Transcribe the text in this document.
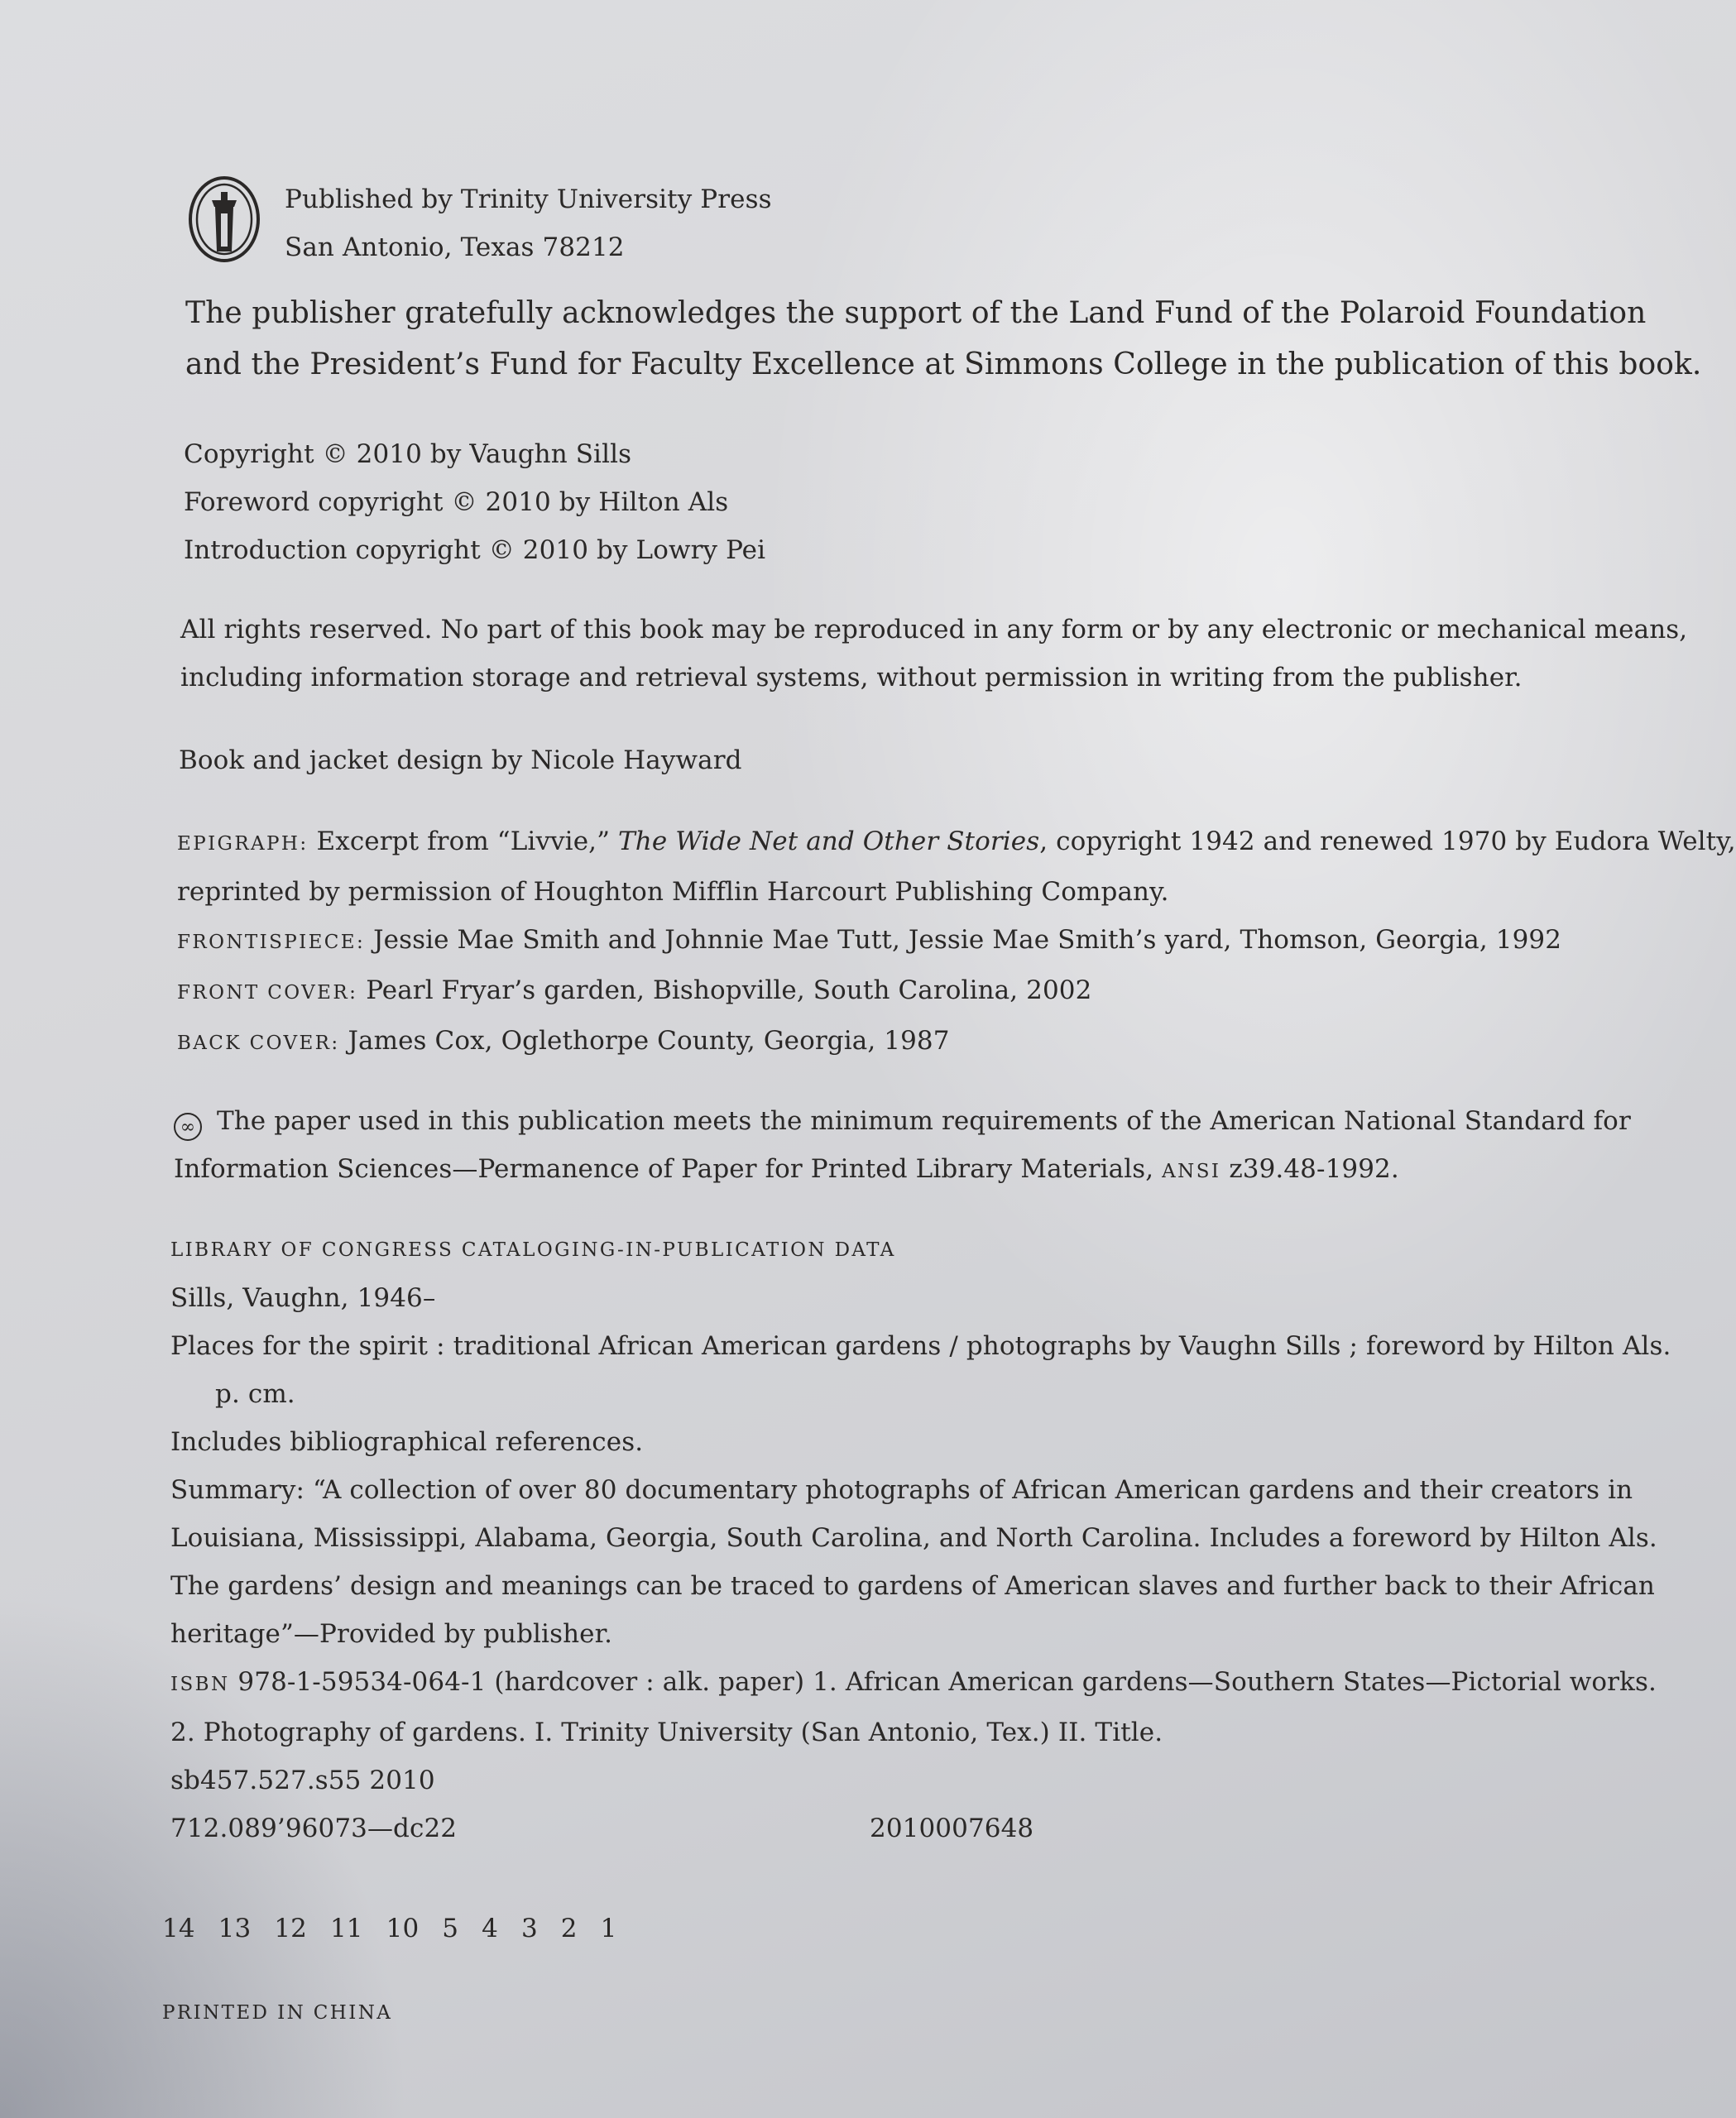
Published by Trinity University Press
San Antonio, Texas 78212
The publisher gratefully acknowledges the support of the Land Fund of the Polaroid Foundation
and the President’s Fund for Faculty Excellence at Simmons College in the publication of this book.
Copyright © 2010 by Vaughn Sills
Foreword copyright © 2010 by Hilton Als
Introduction copyright © 2010 by Lowry Pei
All rights reserved. No part of this book may be reproduced in any form or by any electronic or mechanical means,
including information storage and retrieval systems, without permission in writing from the publisher.
Book and jacket design by Nicole Hayward
EPIGRAPH: Excerpt from “Livvie,” The Wide Net and Other Stories, copyright 1942 and renewed 1970 by Eudora Welty,
reprinted by permission of Houghton Mifflin Harcourt Publishing Company.
FRONTISPIECE: Jessie Mae Smith and Johnnie Mae Tutt, Jessie Mae Smith’s yard, Thomson, Georgia, 1992
FRONT COVER: Pearl Fryar’s garden, Bishopville, South Carolina, 2002
BACK COVER: James Cox, Oglethorpe County, Georgia, 1987
∞ The paper used in this publication meets the minimum requirements of the American National Standard for
Information Sciences—Permanence of Paper for Printed Library Materials, ANSI z39.48-1992.
LIBRARY OF CONGRESS CATALOGING-IN-PUBLICATION DATA
Sills, Vaughn, 1946–
Places for the spirit : traditional African American gardens / photographs by Vaughn Sills ; foreword by Hilton Als.
p. cm.
Includes bibliographical references.
Summary: “A collection of over 80 documentary photographs of African American gardens and their creators in
Louisiana, Mississippi, Alabama, Georgia, South Carolina, and North Carolina. Includes a foreword by Hilton Als.
The gardens’ design and meanings can be traced to gardens of American slaves and further back to their African
heritage”—Provided by publisher.
ISBN 978-1-59534-064-1 (hardcover : alk. paper) 1. African American gardens—Southern States—Pictorial works.
2. Photography of gardens. I. Trinity University (San Antonio, Tex.) II. Title.
sb457.527.s55 2010
712.089’96073—dc22	2010007648
14 13 12 11 10 5 4 3 2 1
PRINTED IN CHINA
